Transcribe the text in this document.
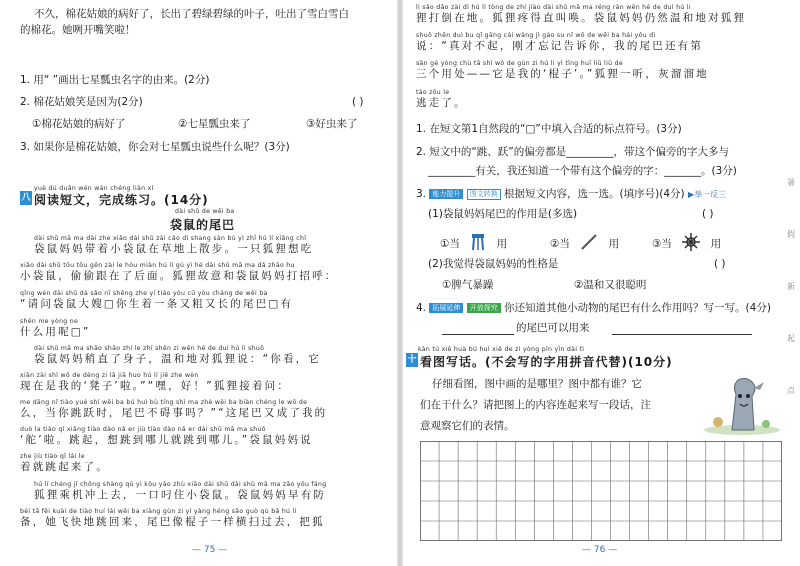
不久，棉花姑娘的病好了，长出了碧绿碧绿的叶子，吐出了雪白雪白
的棉花。她咧开嘴笑啦！
1. 用“ ”画出七星瓢虫名字的由来。(2分)
2. 棉花姑娘笑是因为(2分)	( )
①棉花姑娘的病好了	②七星瓢虫来了	③好虫来了
3. 如果你是棉花姑娘，你会对七星瓢虫说些什么呢？(3分)
yuè dú duǎn wén wán chéng liàn xí
八 阅读短文，完成练习。(14分)
dài shǔ de wěi ba
袋鼠的尾巴
dài shǔ mā ma dài zhe xiǎo dài shǔ zài cǎo dì shang sàn bù yì zhī hú lí xiǎng chī
袋鼠妈妈带着小袋鼠在草地上散步。一只狐狸想吃
xiǎo dài shǔ tōu tōu gēn zài le hòu miàn hú lí gù yì hé dài shǔ mā ma dǎ zhāo hu
小袋鼠，偷偷跟在了后面。狐狸故意和袋鼠妈妈打招呼：
qǐng wèn dài shǔ dà sǎo nǐ shēng zhe yí tiáo yòu cū yòu cháng de wěi ba
“请问袋鼠大嫂□你生着一条又粗又长的尾巴□有
shén me yòng ne
什么用呢□”
dài shǔ mā ma shāo shāo zhí le zhí shēn zi wēn hé de duì hú li shuō
袋鼠妈妈稍直了身子，温和地对狐狸说：“你看，它
xiàn zài shì wǒ de dèng zi lā jiā huo hú lí jiē zhe wèn
现在是我的‘凳子’啦。”“嘿，好！”狐狸接着问：
me dāng nǐ tiào yuè shí wěi ba bú huì bù tíng shì ma zhè wěi ba biàn chéng le wǒ de
么，当你跳跃时，尾巴不碍事吗？”“这尾巴又成了我的
duò la tiào qǐ xiǎng tiào dào nǎ er jiù tiào dào nǎ er dài shǔ mā ma shuō
‘舵’啦。跳起，想跳到哪儿就跳到哪儿。”袋鼠妈妈说
zhe jiù tiào qǐ lái le
着就跳起来了。
hú lí chéng jī chōng shàng qù yì kǒu yǎo zhù xiǎo dài shǔ dài shǔ mā ma zǎo yǒu fáng
狐狸乘机冲上去，一口叼住小袋鼠。袋鼠妈妈早有防
bèi tā fēi kuài de tiào huí lái wěi ba xiàng gùn zi yí yàng héng sǎo guò qù bǎ hú lí
备，她飞快地跳回来，尾巴像棍子一样横扫过去，把狐
— 75 —
li sǎo dǎo zài dì hú li tòng de zhí jiào dài shǔ mā ma réng rán wēn hé de duì hú li
狸打倒在地。狐狸疼得直叫唤。袋鼠妈妈仍然温和地对狐狸
shuō zhēn duì bu qǐ gāng cái wàng jì gào su nǐ wǒ de wěi ba hái yǒu dì
说：“真对不起，刚才忘记告诉你，我的尾巴还有第
sān gè yòng chù tā shì wǒ de gùn zi hú li yì tīng huī liū liū de
三个用处——它是我的‘棍子’。”狐狸一听，灰溜溜地
táo zǒu le
逃走了。
1. 在短文第1自然段的“□”中填入合适的标点符号。(3分)
2. 短文中的“跳、跃”的偏旁都是_________，带这个偏旁的字大多与
_________有关，我还知道一个带有这个偏旁的字：_______。(3分)
3. 能力提升 图文转换 根据短文内容，选一选。(填序号)(4分) ▶举一反三
(1)袋鼠妈妈尾巴的作用是(多选)	( )
①当	用	②当	用	③当	用
(2)我觉得袋鼠妈妈的性格是	( )
①脾气暴躁	②温和又很聪明
4. 拓展延伸 开放探究 你还知道其他小动物的尾巴有什么作用吗？写一写。(4分)
的尾巴可以用来
kàn tú xiě huà bú huì xiě de zì yòng pīn yīn dài tì
十 看图写话。(不会写的字用拼音代替)(10分)
仔细看图，图中画的是哪里？图中都有谁？它
们在干什么？请把图上的内容连起来写一段话，注
意观察它们的表情。
— 76 —
暑
假
新
起
点
